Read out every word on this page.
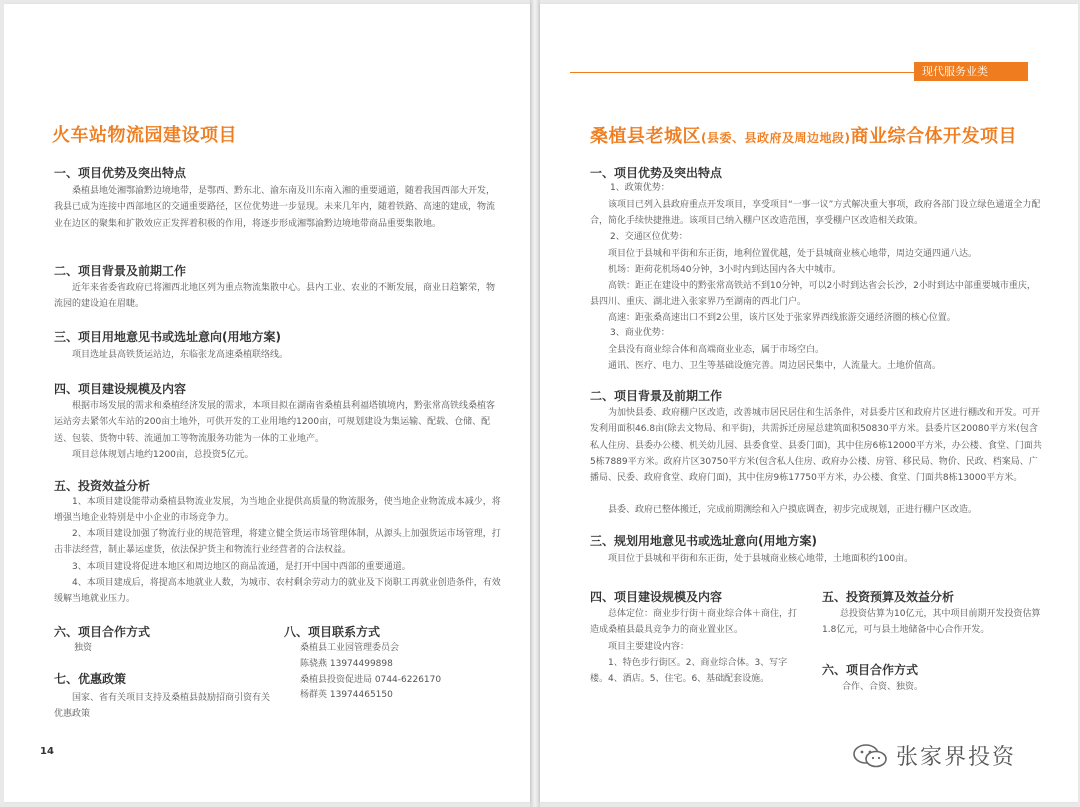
火车站物流园建设项目
一、项目优势及突出特点

桑植县地处湘鄂渝黔边境地带，是鄂西、黔东北、渝东南及川东南入湘的重要通道，随着我国西部大开发，我县已成为连接中西部地区的交通重要路径，区位优势进一步显现。未来几年内，随着铁路、高速的建成，物流业在边区的聚集和扩散效应正发挥着积极的作用，将逐步形成湘鄂渝黔边境地带商品重要集散地。

二、项目背景及前期工作

近年来省委省政府已将湘西北地区列为重点物流集散中心。县内工业、农业的不断发展，商业日趋繁荣，物流园的建设迫在眉睫。

三、项目用地意见书或选址意向(用地方案)

项目选址县高铁货运站边，东临张龙高速桑植联络线。

四、项目建设规模及内容

根据市场发展的需求和桑植经济发展的需求，本项目拟在湖南省桑植县利福塔镇境内，黔张常高铁线桑植客运站旁去紧邻火车站的200亩土地外，可供开发的工业用地约1200亩，可规划建设为集运输、配载、仓储、配送、包装、货物中转、流通加工等物流服务功能为一体的工业地产。

项目总体规划占地约1200亩，总投资5亿元。

五、投资效益分析

1、本项目建设能带动桑植县物流业发展，为当地企业提供高质量的物流服务，使当地企业物流成本减少，将增强当地企业特别是中小企业的市场竞争力。

2、本项目建设加强了物流行业的规范管理，将建立健全货运市场管理体制，从源头上加强货运市场管理，打击非法经营，制止暴运虚货，依法保护货主和物流行业经营者的合法权益。

3、本项目建设将促进本地区和周边地区的商品流通，是打开中国中西部的重要通道。

4、本项目建成后，将提高本地就业人数，为城市、农村剩余劳动力的就业及下岗职工再就业创造条件，有效缓解当地就业压力。

六、项目合作方式
独资
七、优惠政策

国家、省有关项目支持及桑植县鼓励招商引资有关优惠政策

八、项目联系方式
桑植县工业园管理委员会
陈骁燕 13974499898
桑植县投资促进局 0744-6226170
杨群英 13974465150
14
现代服务业类
桑植县老城区(县委、县政府及周边地段)商业综合体开发项目
一、项目优势及突出特点
1、政策优势：

该项目已列入县政府重点开发项目，享受项目“一事一议”方式解决重大事项，政府各部门设立绿色通道全力配合，简化手续快捷推进。该项目已纳入棚户区改造范围，享受棚户区改造相关政策。

2、交通区位优势：

项目位于县城和平街和东正街，地利位置优越，处于县城商业核心地带，周边交通四通八达。

机场：距荷花机场40分钟，3小时内到达国内各大中城市。

高铁：距正在建设中的黔张常高铁站不到10分钟，可以2小时到达省会长沙，2小时到达中部重要城市重庆，县四川、重庆、湖北进入张家界乃至湖南的西北门户。

高速：距张桑高速出口不到2公里，该片区处于张家界西线旅游交通经济圈的核心位置。

3、商业优势：

全县没有商业综合体和高端商业业态，属于市场空白。

通讯、医疗、电力、卫生等基础设施完善。周边居民集中，人流量大。土地价值高。

二、项目背景及前期工作

为加快县委、政府棚户区改造，改善城市居民居住和生活条件，对县委片区和政府片区进行棚改和开发。可开发利用面积46.8亩(除去文物局、和平街)，共需拆迁房屋总建筑面积50830平方米。县委片区20080平方米(包含私人住房、县委办公楼、机关幼儿园、县委食堂、县委门面)，其中住房6栋12000平方米，办公楼、食堂、门面共5栋7889平方米。政府片区30750平方米(包含私人住房、政府办公楼、房管、移民局、物价、民政、档案局、广播局、民委、政府食堂、政府门面)，其中住房9栋17750平方米，办公楼、食堂、门面共8栋13000平方米。

县委、政府已整体搬迁，完成前期测绘和入户摸底调查，初步完成规划，正进行棚户区改造。

三、规划用地意见书或选址意向(用地方案)

项目位于县城和平街和东正街，处于县城商业核心地带，土地面积约100亩。

四、项目建设规模及内容

总体定位：商业步行街＋商业综合体＋商住，打造成桑植县最具竞争力的商业置业区。

项目主要建设内容：

1、特色步行街区。2、商业综合体。3、写字楼。4、酒店。5、住宅。6、基础配套设施。

五、投资预算及效益分析

总投资估算为10亿元，其中项目前期开发投资估算1.8亿元，可与县土地储备中心合作开发。

六、项目合作方式
合作、合资、独资。
张家界投资
